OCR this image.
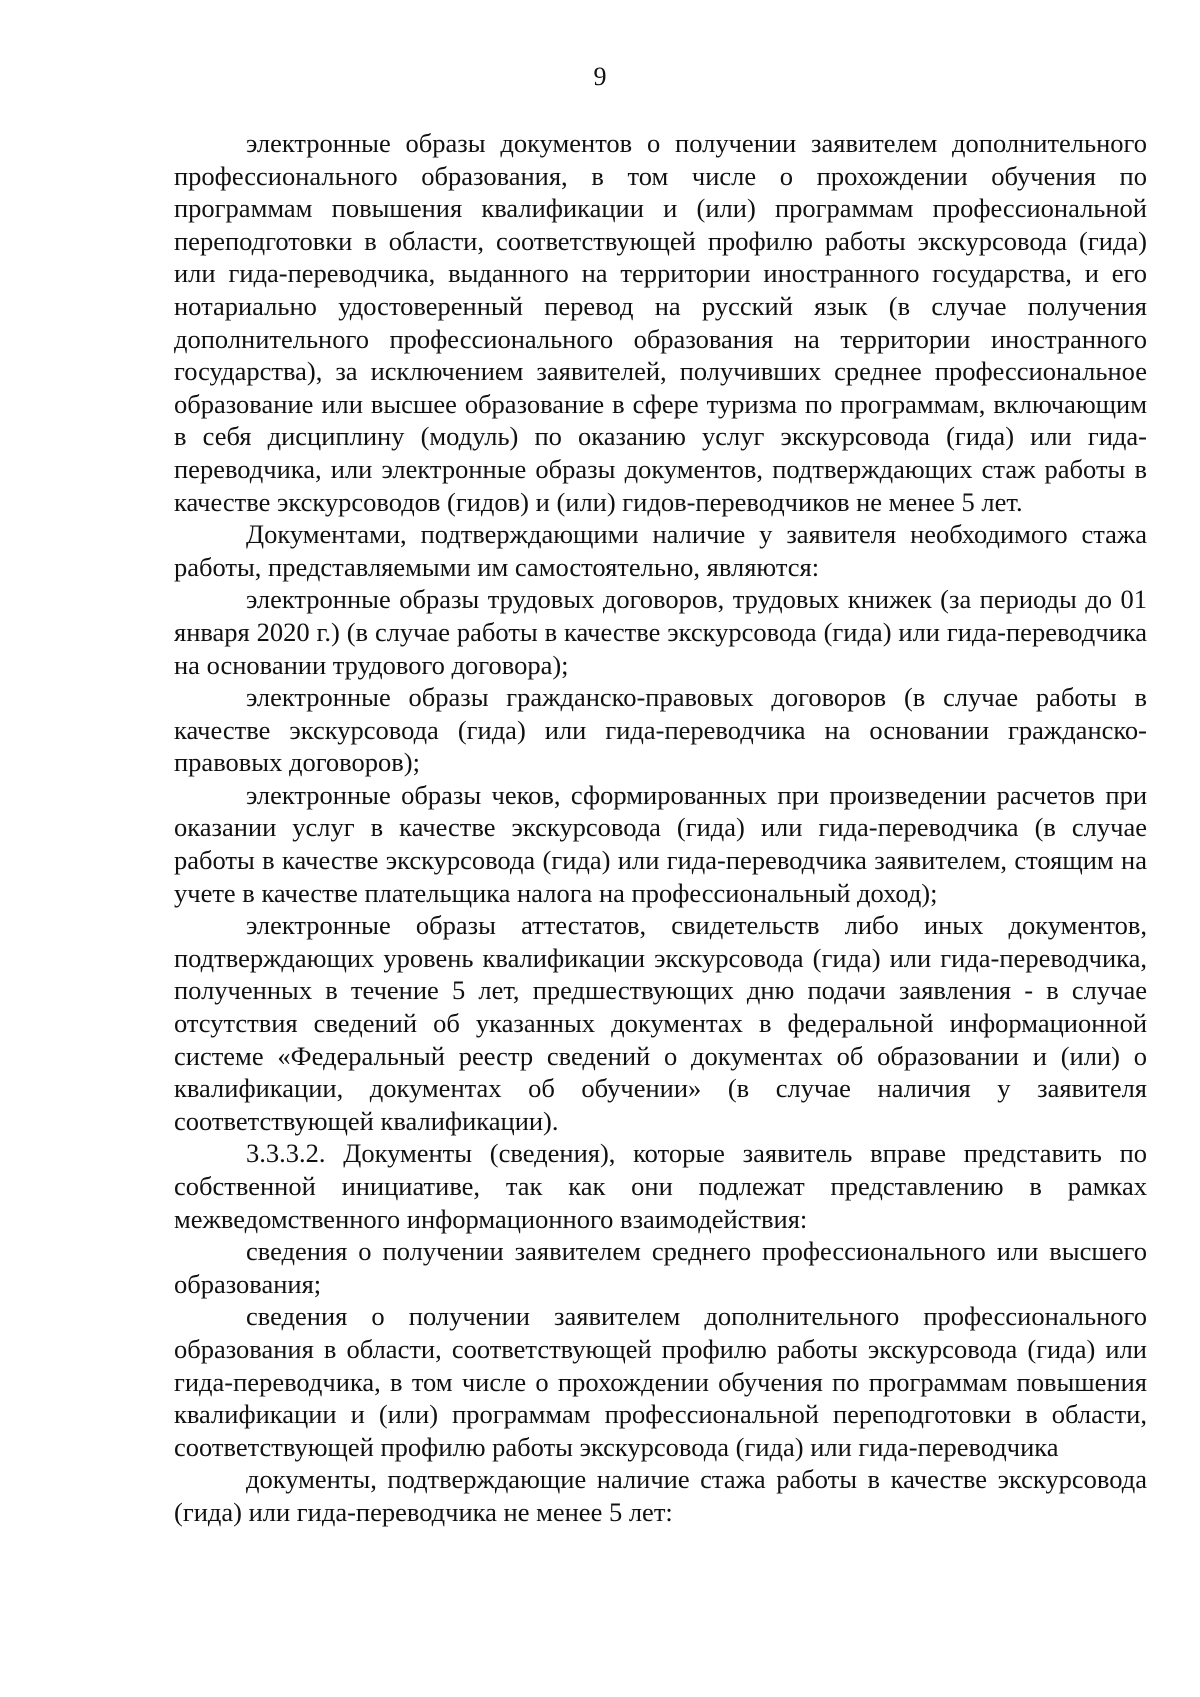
9

электронные образы документов о получении заявителем дополнительного профессионального образования, в том числе о прохождении обучения по программам повышения квалификации и (или) программам профессиональной переподготовки в области, соответствующей профилю работы экскурсовода (гида) или гида-переводчика, выданного на территории иностранного государства, и его нотариально удостоверенный перевод на русский язык (в случае получения дополнительного профессионального образования на территории иностранного государства), за исключением заявителей, получивших среднее профессиональное образование или высшее образование в сфере туризма по программам, включающим в себя дисциплину (модуль) по оказанию услуг экскурсовода (гида) или гида-переводчика, или электронные образы документов, подтверждающих стаж работы в качестве экскурсоводов (гидов) и (или) гидов-переводчиков не менее 5 лет.

Документами, подтверждающими наличие у заявителя необходимого стажа работы, представляемыми им самостоятельно, являются:

электронные образы трудовых договоров, трудовых книжек (за периоды до 01 января 2020 г.) (в случае работы в качестве экскурсовода (гида) или гида-переводчика на основании трудового договора);

электронные образы гражданско-правовых договоров (в случае работы в качестве экскурсовода (гида) или гида-переводчика на основании гражданско-правовых договоров);

электронные образы чеков, сформированных при произведении расчетов при оказании услуг в качестве экскурсовода (гида) или гида-переводчика (в случае работы в качестве экскурсовода (гида) или гида-переводчика заявителем, стоящим на учете в качестве плательщика налога на профессиональный доход);

электронные образы аттестатов, свидетельств либо иных документов, подтверждающих уровень квалификации экскурсовода (гида) или гида-переводчика, полученных в течение 5 лет, предшествующих дню подачи заявления - в случае отсутствия сведений об указанных документах в федеральной информационной системе «Федеральный реестр сведений о документах об образовании и (или) о квалификации, документах об обучении» (в случае наличия у заявителя соответствующей квалификации).

3.3.3.2. Документы (сведения), которые заявитель вправе представить по собственной инициативе, так как они подлежат представлению в рамках межведомственного информационного взаимодействия:

сведения о получении заявителем среднего профессионального или высшего образования;

сведения о получении заявителем дополнительного профессионального образования в области, соответствующей профилю работы экскурсовода (гида) или гида-переводчика, в том числе о прохождении обучения по программам повышения квалификации и (или) программам профессиональной переподготовки в области, соответствующей профилю работы экскурсовода (гида) или гида-переводчика

документы, подтверждающие наличие стажа работы в качестве экскурсовода (гида) или гида-переводчика не менее 5 лет:
